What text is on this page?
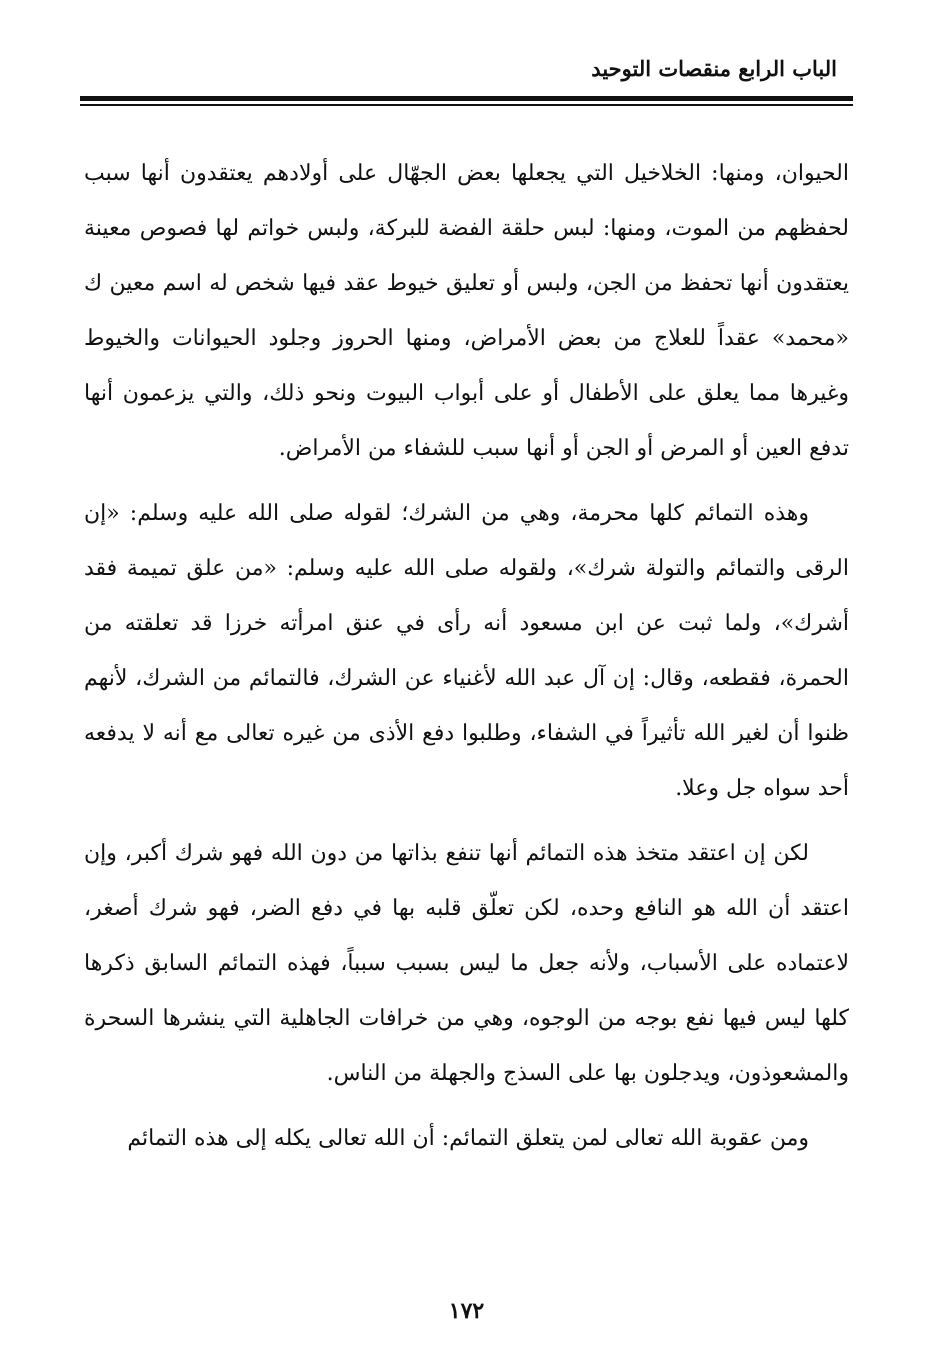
الباب الرابع منقصات التوحيد

الحيوان، ومنها: الخلاخيل التي يجعلها بعض الجهّال على أولادهم يعتقدون أنها سبب لحفظهم من الموت، ومنها: لبس حلقة الفضة للبركة، ولبس خواتم لها فصوص معينة يعتقدون أنها تحفظ من الجن، ولبس أو تعليق خيوط عقد فيها شخص له اسم معين ك «محمد» عقداً للعلاج من بعض الأمراض، ومنها الحروز وجلود الحيوانات والخيوط وغيرها مما يعلق على الأطفال أو على أبواب البيوت ونحو ذلك، والتي يزعمون أنها تدفع العين أو المرض أو الجن أو أنها سبب للشفاء من الأمراض.

وهذه التمائم كلها محرمة، وهي من الشرك؛ لقوله صلى الله عليه وسلم: «إن الرقى والتمائم والتولة شرك»، ولقوله صلى الله عليه وسلم: «من علق تميمة فقد أشرك»، ولما ثبت عن ابن مسعود أنه رأى في عنق امرأته خرزا قد تعلقته من الحمرة، فقطعه، وقال: إن آل عبد الله لأغنياء عن الشرك، فالتمائم من الشرك، لأنهم ظنوا أن لغير الله تأثيراً في الشفاء، وطلبوا دفع الأذى من غيره تعالى مع أنه لا يدفعه أحد سواه جل وعلا.

لكن إن اعتقد متخذ هذه التمائم أنها تنفع بذاتها من دون الله فهو شرك أكبر، وإن اعتقد أن الله هو النافع وحده، لكن تعلّق قلبه بها في دفع الضر، فهو شرك أصغر، لاعتماده على الأسباب، ولأنه جعل ما ليس بسبب سبباً، فهذه التمائم السابق ذكرها كلها ليس فيها نفع بوجه من الوجوه، وهي من خرافات الجاهلية التي ينشرها السحرة والمشعوذون، ويدجلون بها على السذج والجهلة من الناس.

ومن عقوبة الله تعالى لمن يتعلق التمائم: أن الله تعالى يكله إلى هذه التمائم

١٧٢
